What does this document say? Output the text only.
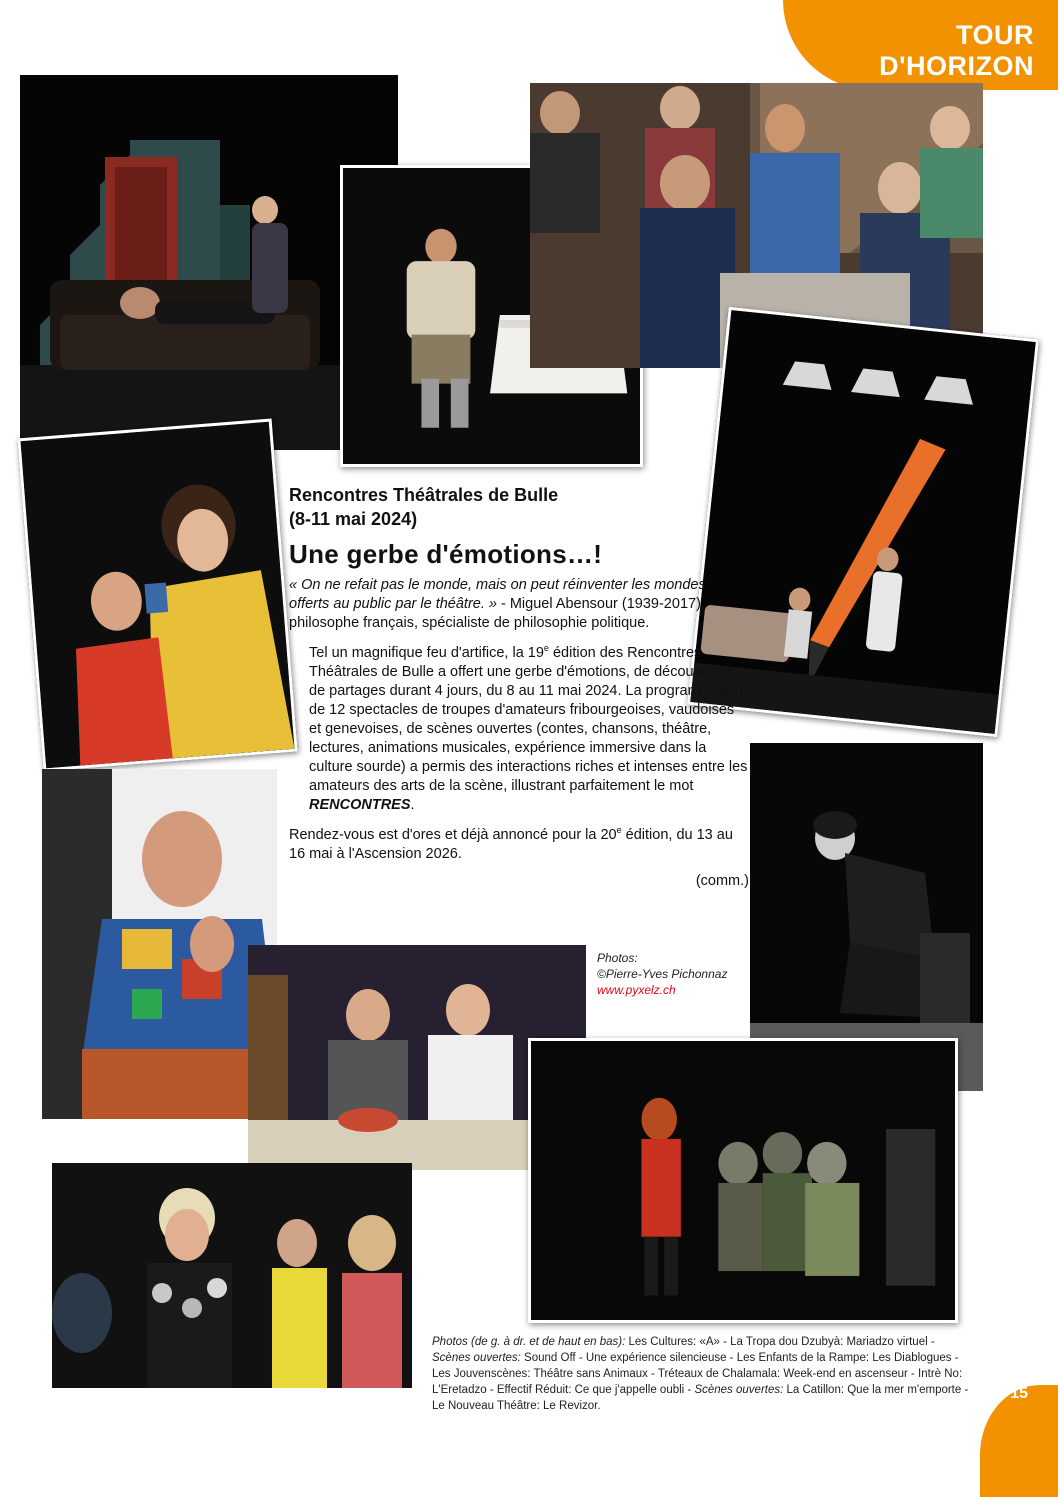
TOUR
D'HORIZON

Rencontres Théâtrales de Bulle
(8-11 mai 2024)

Une gerbe d'émotions…!

« On ne refait pas le monde, mais on peut réinventer les mondes offerts au public par le théâtre. » - Miguel Abensour (1939-2017), philosophe français, spécialiste de philosophie politique.

Tel un magnifique feu d'artifice, la 19e édition des Rencontres Théâtrales de Bulle a offert une gerbe d'émotions, de découvertes, de partages durant 4 jours, du 8 au 11 mai 2024. La programmation de 12 spectacles de troupes d'amateurs fribourgeoises, vaudoises et genevoises, de scènes ouvertes (contes, chansons, théâtre, lectures, animations musicales, expérience immersive dans la culture sourde) a permis des interactions riches et intenses entre les amateurs des arts de la scène, illustrant parfaitement le mot RENCONTRES.

Rendez-vous est d'ores et déjà annoncé pour la 20e édition, du 13 au 16 mai à l'Ascension 2026.

(comm.)

Photos:
©Pierre-Yves Pichonnaz
www.pyxelz.ch
Photos (de g. à dr. et de haut en bas): Les Cultures: «A» - La Tropa dou Dzubyà: Mariadzo virtuel - Scènes ouvertes: Sound Off - Une expérience silencieuse - Les Enfants de la Rampe: Les Diablogues - Les Jouvenscènes: Théâtre sans Animaux - Tréteaux de Chalamala: Week-end en ascenseur - Intrè No: L'Eretadzo - Effectif Réduit: Ce que j'appelle oubli - Scènes ouvertes: La Catillon: Que la mer m'emporte - Le Nouveau Théâtre: Le Revizor.
15
